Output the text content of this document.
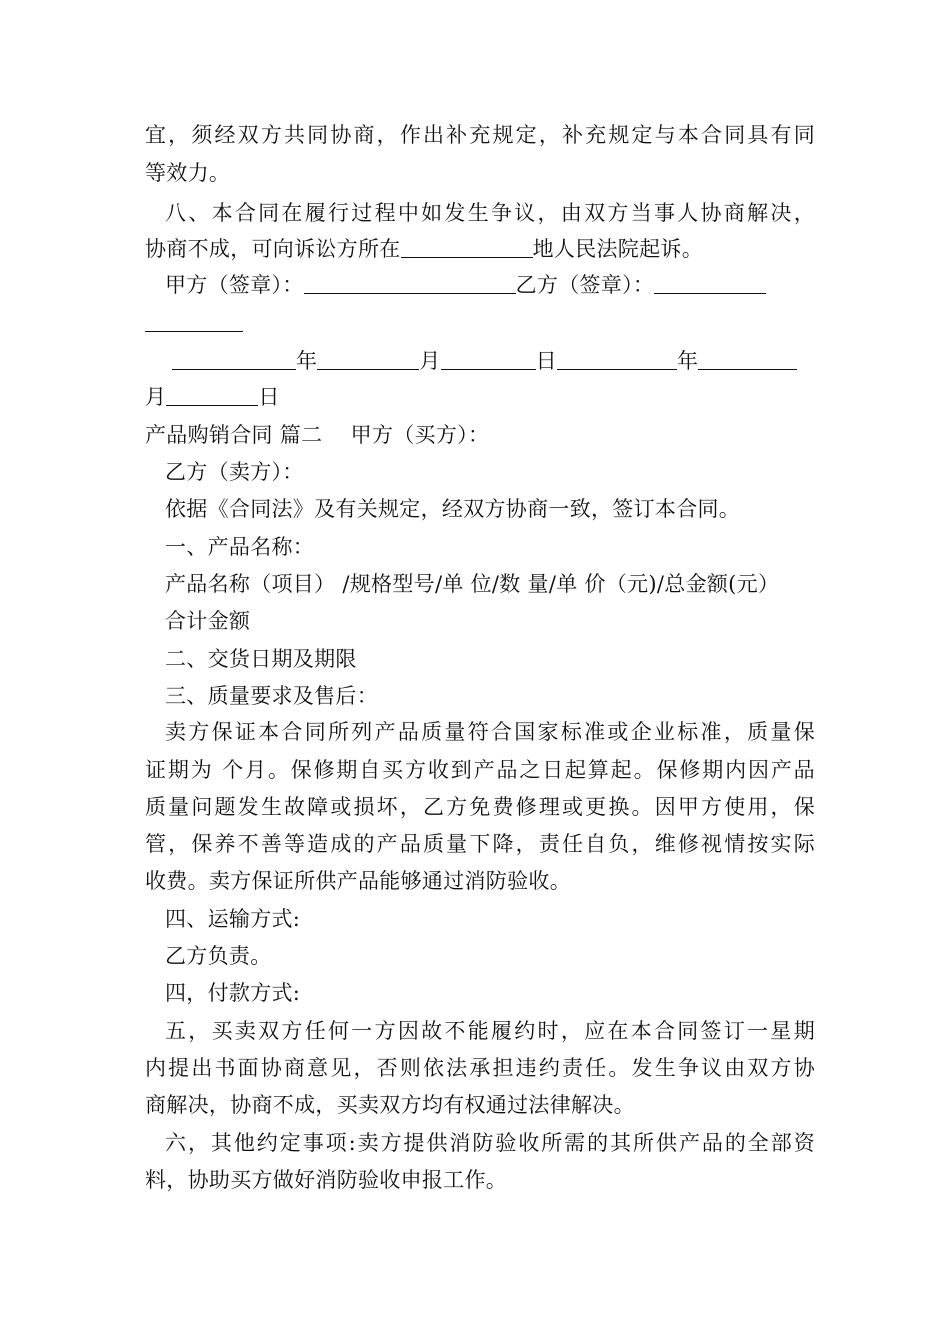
宜，须经双方共同协商，作出补充规定，补充规定与本合同具有同
等效力。
八、本合同在履行过程中如发生争议，由双方当事人协商解决，
协商不成，可向诉讼方所在	地人民法院起诉。
甲方（签章）：	乙方（签章）：
年	月	日	年
月	日
产品购销合同 篇二　 甲方（买方）：
乙方（卖方）：
依据《合同法》及有关规定，经双方协商一致，签订本合同。
一、产品名称：
产品名称（项目） /规格型号/单 位/数 量/单 价（元)/总金额(元）
合计金额
二、交货日期及期限
三、质量要求及售后：
卖方保证本合同所列产品质量符合国家标准或企业标准，质量保
证期为 个月。保修期自买方收到产品之日起算起。保修期内因产品
质量问题发生故障或损坏，乙方免费修理或更换。因甲方使用，保
管，保养不善等造成的产品质量下降，责任自负，维修视情按实际
收费。卖方保证所供产品能够通过消防验收。
四、运输方式:
乙方负责。
四，付款方式:
五，买卖双方任何一方因故不能履约时，应在本合同签订一星期
内提出书面协商意见，否则依法承担违约责任。发生争议由双方协
商解决，协商不成，买卖双方均有权通过法律解决。
六，其他约定事项:卖方提供消防验收所需的其所供产品的全部资
料，协助买方做好消防验收申报工作。
